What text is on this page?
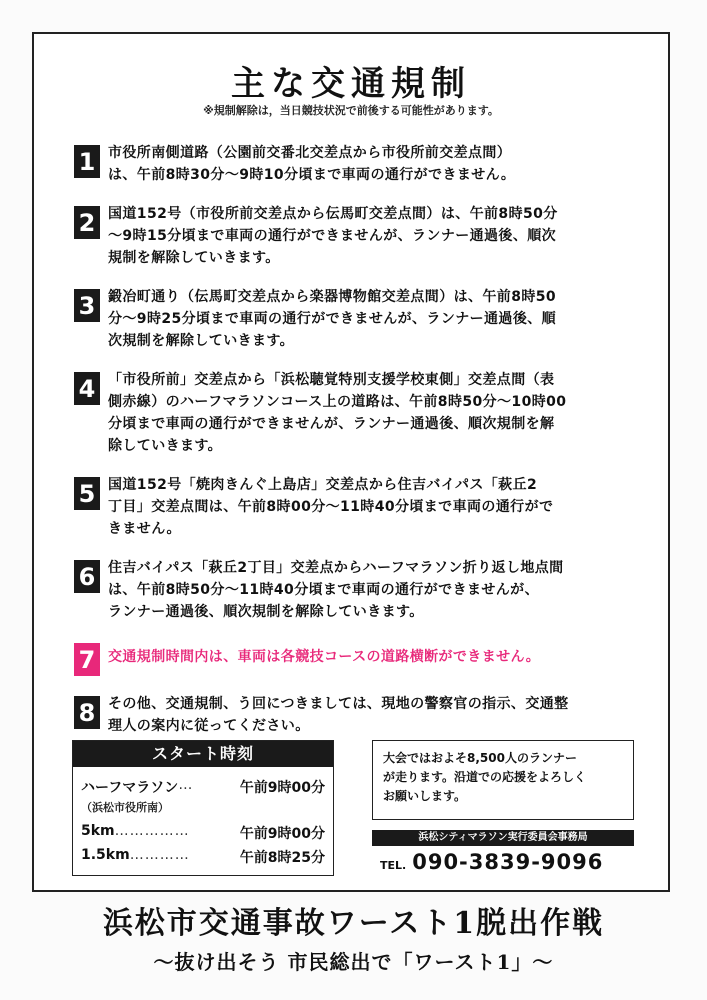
主な交通規制
※規制解除は，当日競技状況で前後する可能性があります。
1 市役所南側道路（公園前交番北交差点から市役所前交差点間）
は、午前8時30分～9時10分頃まで車両の通行ができません。
2 国道152号（市役所前交差点から伝馬町交差点間）は、午前8時50分
～9時15分頃まで車両の通行ができませんが、ランナー通過後、順次
規制を解除していきます。
3 鍛冶町通り（伝馬町交差点から楽器博物館交差点間）は、午前8時50
分～9時25分頃まで車両の通行ができませんが、ランナー通過後、順
次規制を解除していきます。
4 「市役所前」交差点から「浜松聴覚特別支援学校東側」交差点間（表
側赤線）のハーフマラソンコース上の道路は、午前8時50分～10時00
分頃まで車両の通行ができませんが、ランナー通過後、順次規制を解
除していきます。
5 国道152号「焼肉きんぐ上島店」交差点から住吉バイパス「萩丘2
丁目」交差点間は、午前8時00分～11時40分頃まで車両の通行がで
きません。
6 住吉バイパス「萩丘2丁目」交差点からハーフマラソン折り返し地点間
は、午前8時50分～11時40分頃まで車両の通行ができませんが、
ランナー通過後、順次規制を解除していきます。
7 交通規制時間内は、車両は各競技コースの道路横断ができません。
8 その他、交通規制、う回につきましては、現地の警察官の指示、交通整
理人の案内に従ってください。
スタート時刻
ハーフマラソン …	午前9時00分
（浜松市役所南）
5km ……………	午前9時00分
1.5km …………	午前8時25分
大会ではおよそ8,500人のランナー
が走ります。沿道での応援をよろしく
お願いします。
浜松シティマラソン実行委員会事務局
TEL. 090-3839-9096
浜松市交通事故ワースト1脱出作戦
～抜け出そう 市民総出で「ワースト1」～
